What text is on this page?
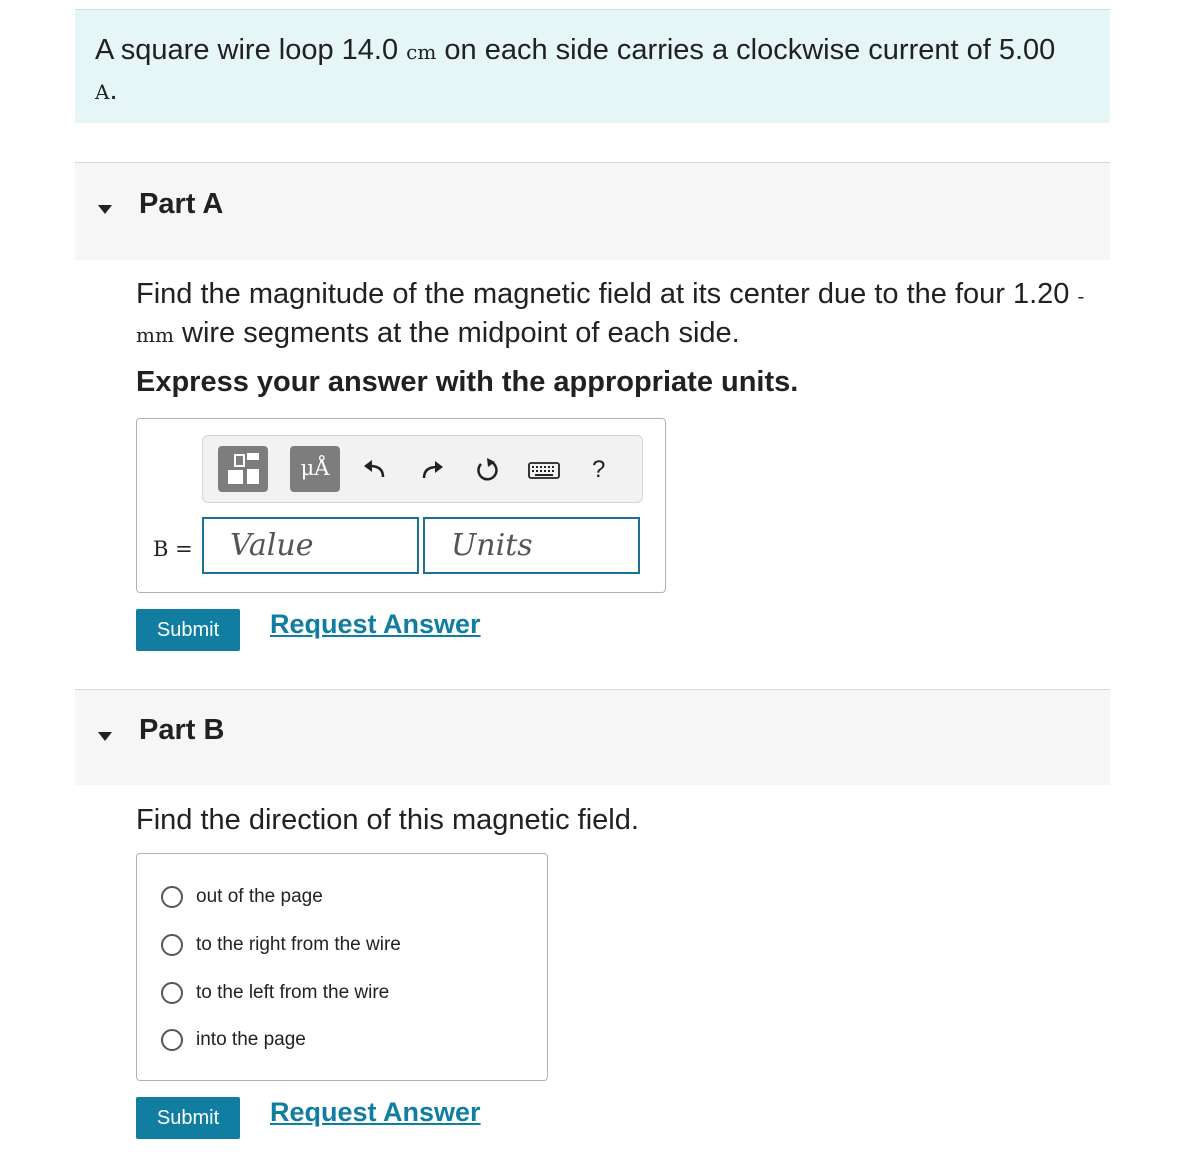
A square wire loop 14.0 cm on each side carries a clockwise current of 5.00 A.

Part A

Find the magnitude of the magnetic field at its center due to the four 1.20 -mm wire segments at the midpoint of each side.

Express your answer with the appropriate units.
μÅ	?
B =
Value
Units
Submit	Request Answer
Part B

Find the direction of this magnetic field.

out of the page
to the right from the wire
to the left from the wire
into the page
Submit	Request Answer
